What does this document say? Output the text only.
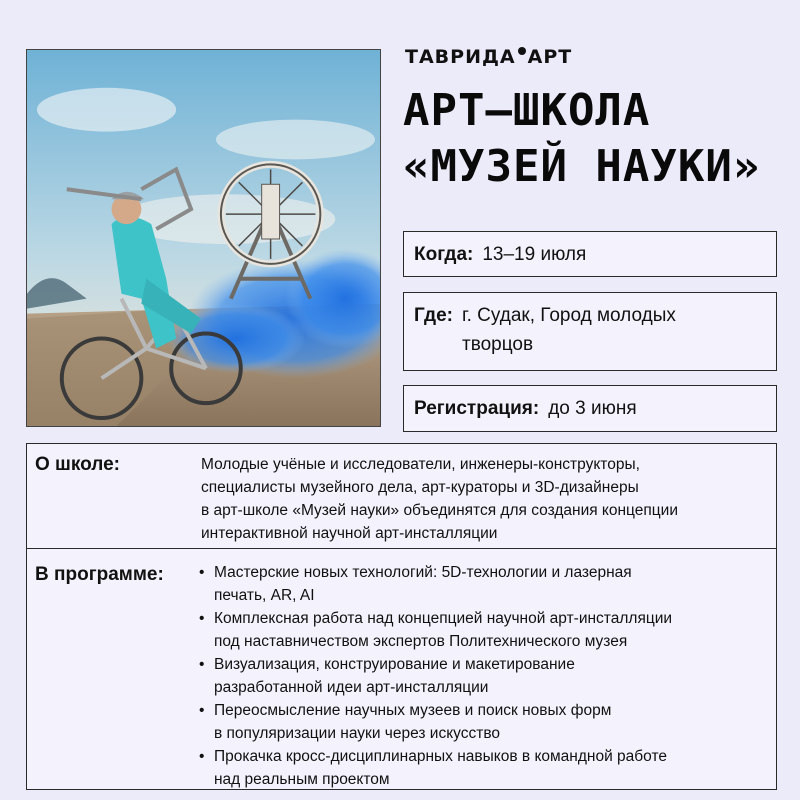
ТАВРИДА АРТ
АРТ–ШКОЛА
«МУЗЕЙ НАУКИ»
Когда: 13–19 июля
Где: г. Судак, Город молодых
творцов
Регистрация: до 3 июня
О школе:	Молодые учёные и исследователи, инженеры-конструкторы,
специалисты музейного дела, арт-кураторы и 3D-дизайнеры
в арт-школе «Музей науки» объединятся для создания концепции
интерактивной научной арт-инсталляции
В программе: • Мастерские новых технологий: 5D-технологии и лазерная
печать, AR, AI
• Комплексная работа над концепцией научной арт-инсталляции
под наставничеством экспертов Политехнического музея
• Визуализация, конструирование и макетирование
разработанной идеи арт-инсталляции
• Переосмысление научных музеев и поиск новых форм
в популяризации науки через искусство
• Прокачка кросс-дисциплинарных навыков в командной работе
над реальным проектом
